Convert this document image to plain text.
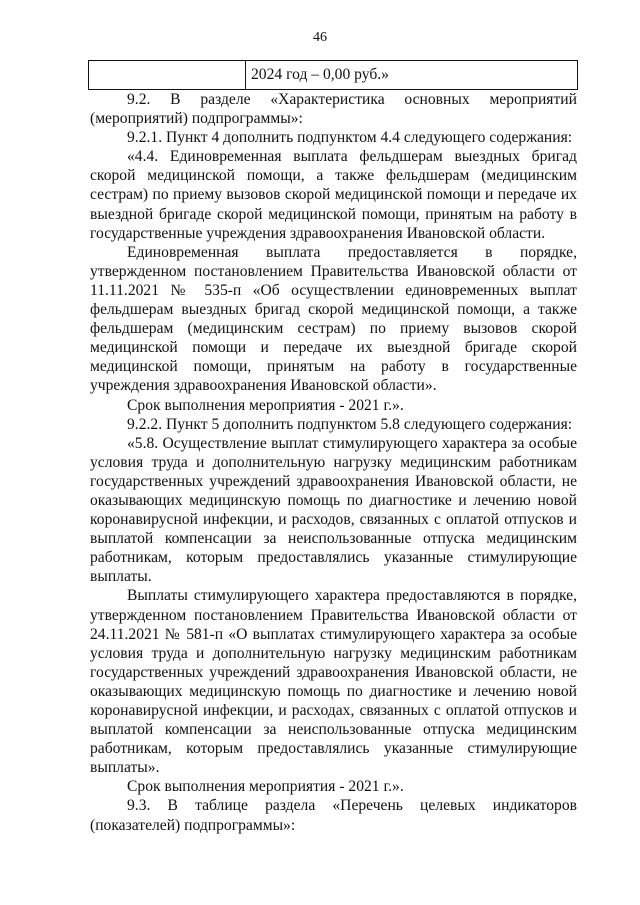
46
	2024 год – 0,00 руб.»

9.2. В разделе «Характеристика основных мероприятий (мероприятий) подпрограммы»:

9.2.1. Пункт 4 дополнить подпунктом 4.4 следующего содержания:

«4.4. Единовременная выплата фельдшерам выездных бригад скорой медицинской помощи, а также фельдшерам (медицинским сестрам) по приему вызовов скорой медицинской помощи и передаче их выездной бригаде скорой медицинской помощи, принятым на работу в государственные учреждения здравоохранения Ивановской области.

Единовременная выплата предоставляется в порядке, утвержденном постановлением Правительства Ивановской области от 11.11.2021 № 535-п «Об осуществлении единовременных выплат фельдшерам выездных бригад скорой медицинской помощи, а также фельдшерам (медицинским сестрам) по приему вызовов скорой медицинской помощи и передаче их выездной бригаде скорой медицинской помощи, принятым на работу в государственные учреждения здравоохранения Ивановской области».

Срок выполнения мероприятия - 2021 г.».

9.2.2. Пункт 5 дополнить подпунктом 5.8 следующего содержания:

«5.8. Осуществление выплат стимулирующего характера за особые условия труда и дополнительную нагрузку медицинским работникам государственных учреждений здравоохранения Ивановской области, не оказывающих медицинскую помощь по диагностике и лечению новой коронавирусной инфекции, и расходов, связанных с оплатой отпусков и выплатой компенсации за неиспользованные отпуска медицинским работникам, которым предоставлялись указанные стимулирующие выплаты.

Выплаты стимулирующего характера предоставляются в порядке, утвержденном постановлением Правительства Ивановской области от 24.11.2021 № 581-п «О выплатах стимулирующего характера за особые условия труда и дополнительную нагрузку медицинским работникам государственных учреждений здравоохранения Ивановской области, не оказывающих медицинскую помощь по диагностике и лечению новой коронавирусной инфекции, и расходах, связанных с оплатой отпусков и выплатой компенсации за неиспользованные отпуска медицинским работникам, которым предоставлялись указанные стимулирующие выплаты».

Срок выполнения мероприятия - 2021 г.».

9.3. В таблице раздела «Перечень целевых индикаторов (показателей) подпрограммы»:
